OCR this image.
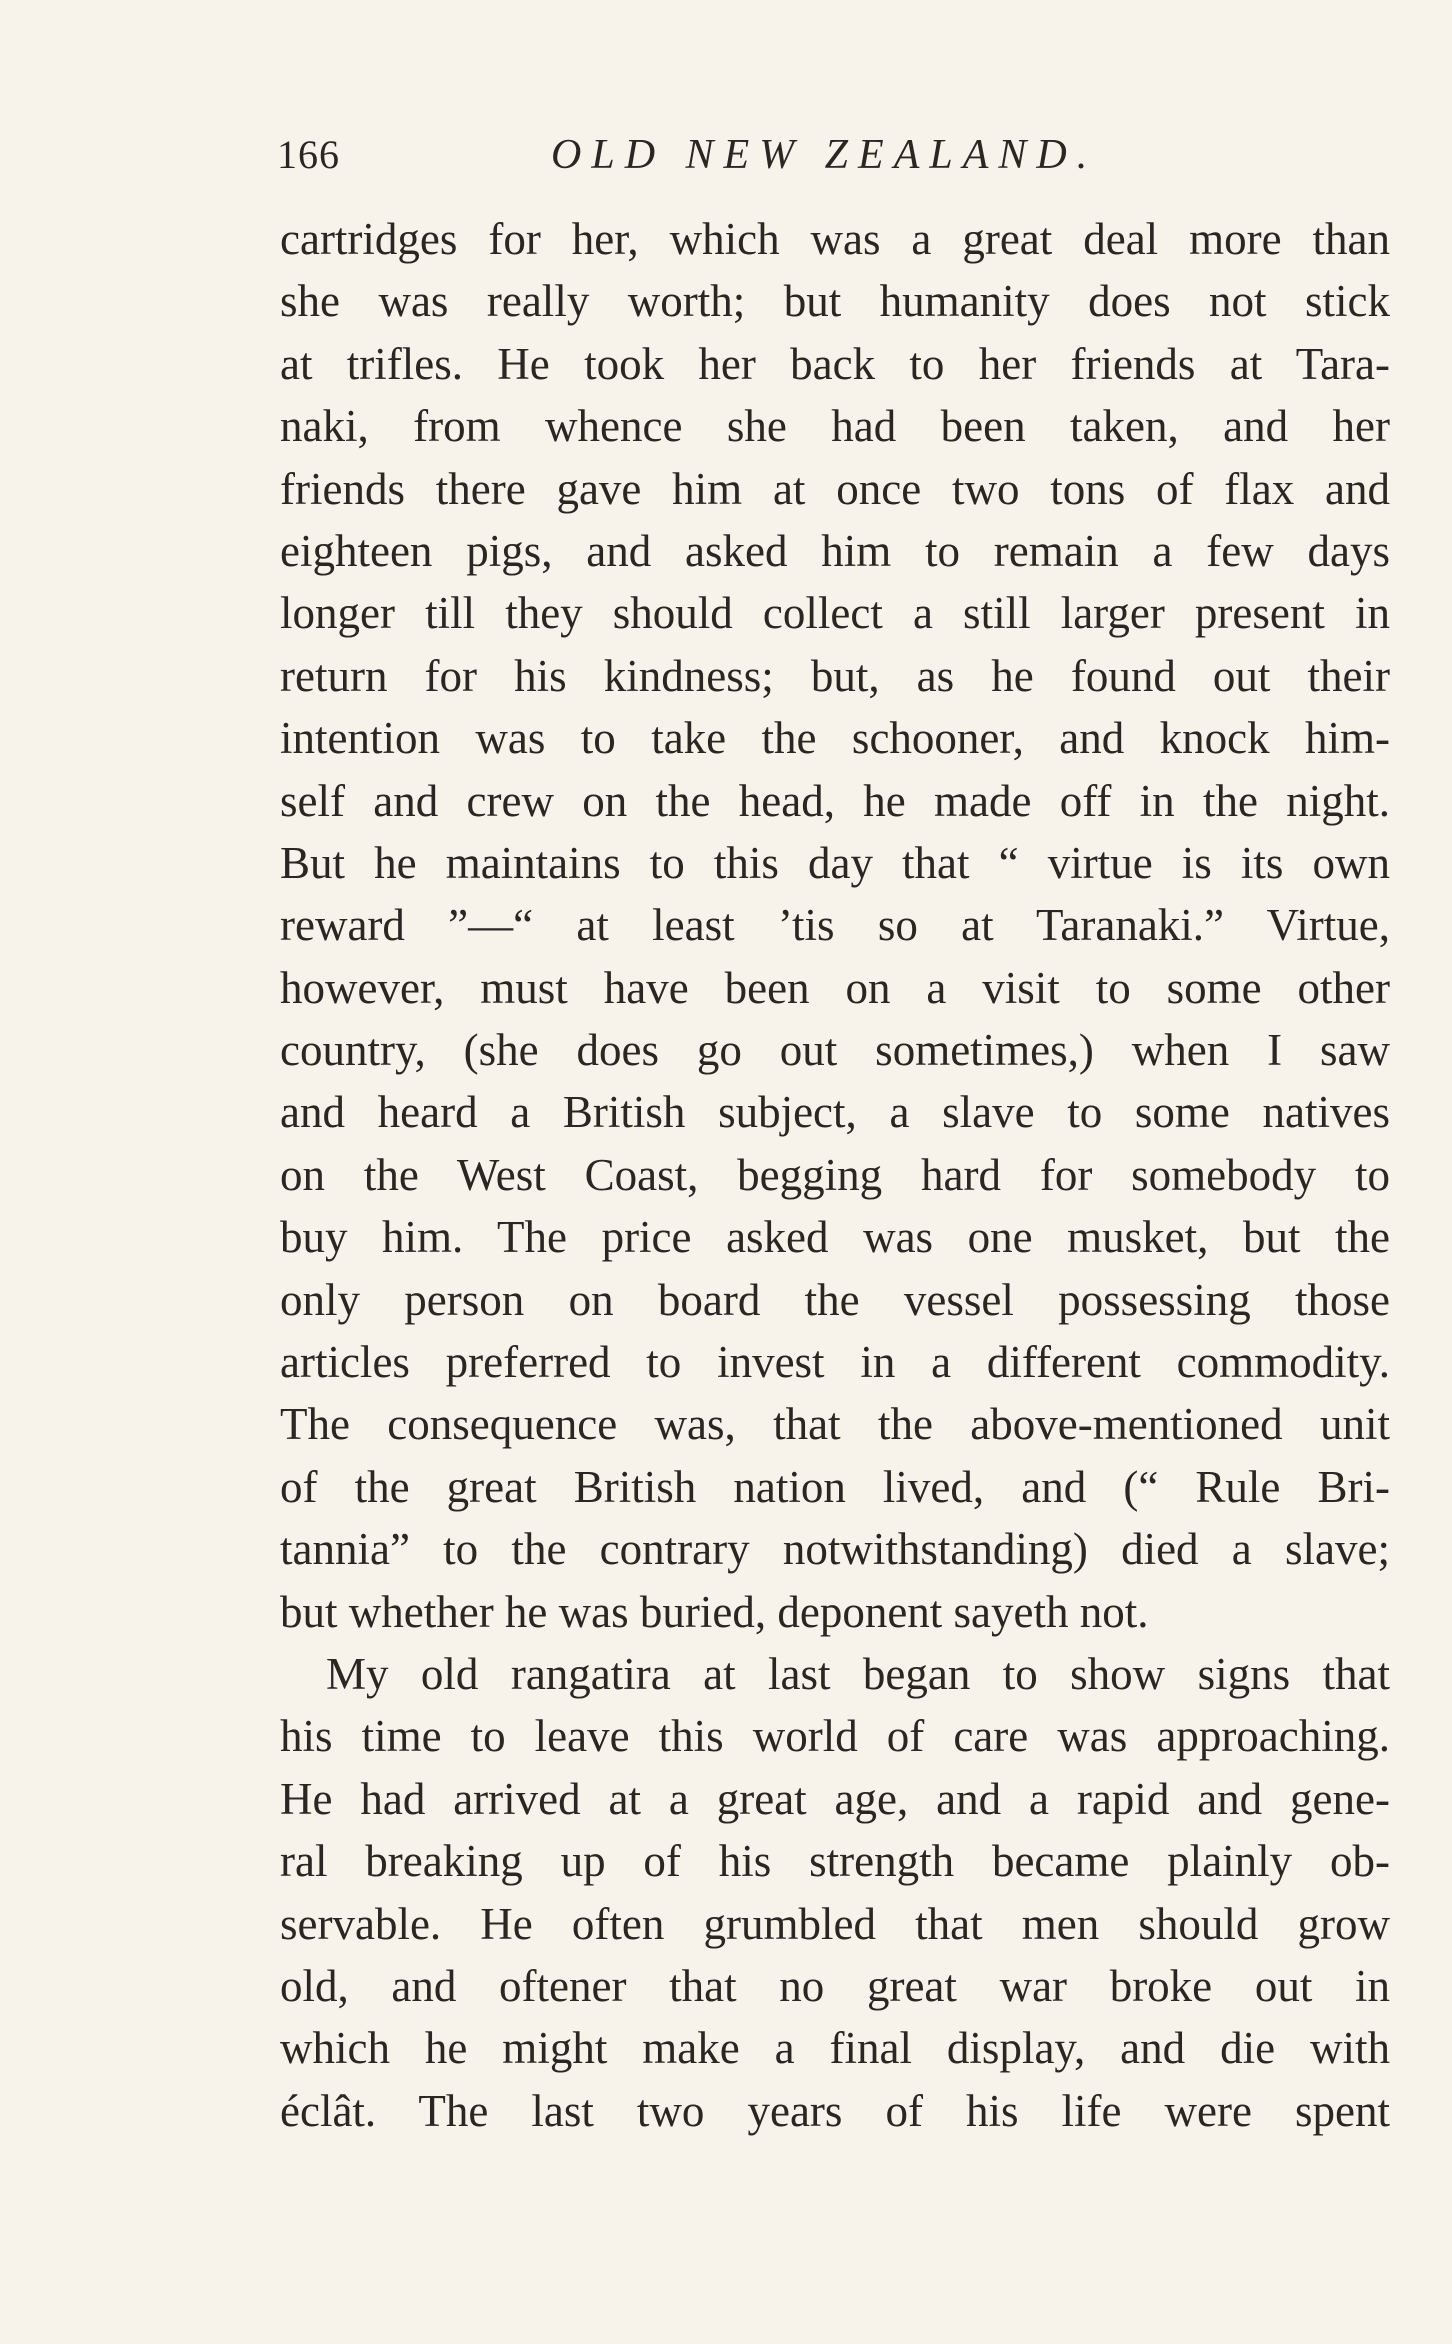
166	OLD NEW ZEALAND.
cartridges for her, which was a great deal more than
she was really worth; but humanity does not stick
at trifles. He took her back to her friends at Tara-
naki, from whence she had been taken, and her
friends there gave him at once two tons of flax and
eighteen pigs, and asked him to remain a few days
longer till they should collect a still larger present in
return for his kindness; but, as he found out their
intention was to take the schooner, and knock him-
self and crew on the head, he made off in the night.
But he maintains to this day that “ virtue is its own
reward ”—“ at least ’tis so at Taranaki.” Virtue,
however, must have been on a visit to some other
country, (she does go out sometimes,) when I saw
and heard a British subject, a slave to some natives
on the West Coast, begging hard for somebody to
buy him. The price asked was one musket, but the
only person on board the vessel possessing those
articles preferred to invest in a different commodity.
The consequence was, that the above-mentioned unit
of the great British nation lived, and (“ Rule Bri-
tannia” to the contrary notwithstanding) died a slave;
but whether he was buried, deponent sayeth not.
My old rangatira at last began to show signs that
his time to leave this world of care was approaching.
He had arrived at a great age, and a rapid and gene-
ral breaking up of his strength became plainly ob-
servable. He often grumbled that men should grow
old, and oftener that no great war broke out in
which he might make a final display, and die with
éclât. The last two years of his life were spent
